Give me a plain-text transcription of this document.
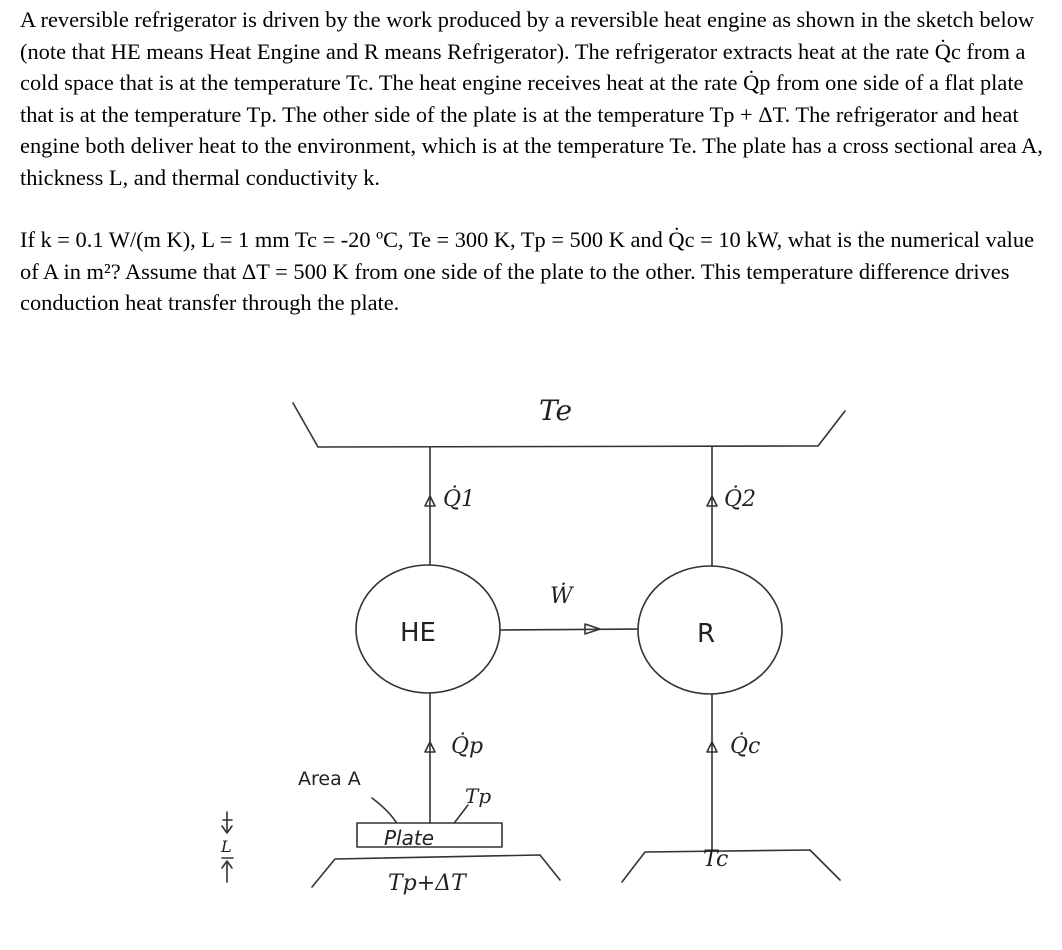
A reversible refrigerator is driven by the work produced by a reversible heat engine as shown in the sketch below (note that HE means Heat Engine and R means Refrigerator). The refrigerator extracts heat at the rate Q̇c from a cold space that is at the temperature Tc. The heat engine receives heat at the rate Q̇p from one side of a flat plate that is at the temperature Tp. The other side of the plate is at the temperature Tp + ΔT. The refrigerator and heat engine both deliver heat to the environment, which is at the temperature Te. The plate has a cross sectional area A, thickness L, and thermal conductivity k.

If k = 0.1 W/(m K), L = 1 mm Tc = -20 ºC, Te = 300 K, Tp = 500 K and Q̇c = 10 kW, what is the numerical value of A in m²? Assume that ΔT = 500 K from one side of the plate to the other. This temperature difference drives conduction heat transfer through the plate.

Te
Q̇1	Q̇2
Ẇ
Q̇p	Q̇c
Tp
Tp+ΔT
Tc
L
HE	R
Area A
Plate
